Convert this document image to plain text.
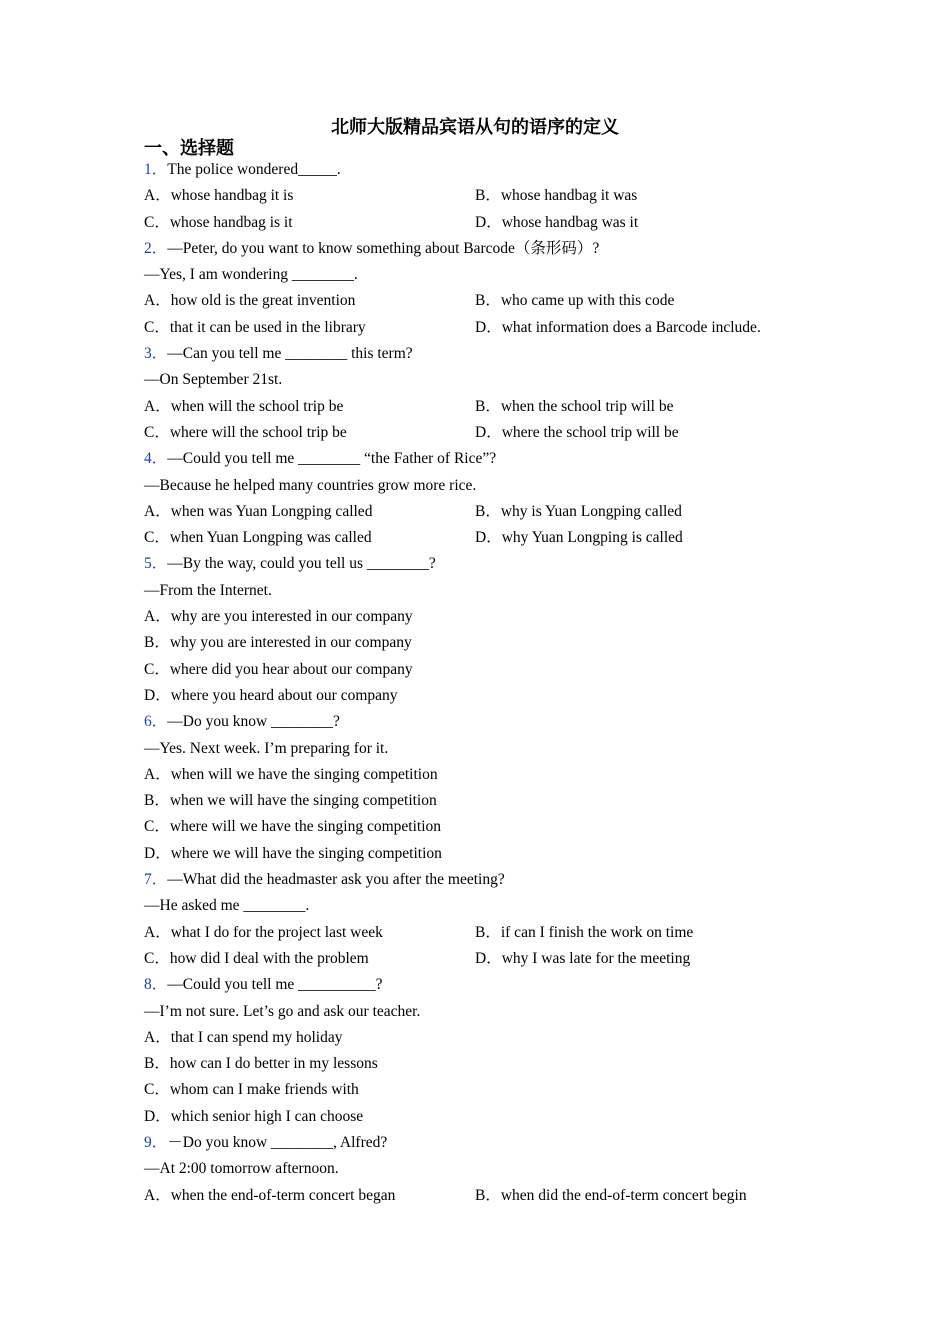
北师大版精品宾语从句的语序的定义
一、选择题
1．The police wondered_____.
A．whose handbag it is	B．whose handbag it was
C．whose handbag is it	D．whose handbag was it
2．—Peter, do you want to know something about Barcode（条形码）?
—Yes, I am wondering ________.
A．how old is the great invention	B．who came up with this code
C．that it can be used in the library	D．what information does a Barcode include.
3．—Can you tell me ________ this term?
—On September 21st.
A．when will the school trip be	B．when the school trip will be
C．where will the school trip be	D．where the school trip will be
4．—Could you tell me ________ “the Father of Rice”?
—Because he helped many countries grow more rice.
A．when was Yuan Longping called	B．why is Yuan Longping called
C．when Yuan Longping was called	D．why Yuan Longping is called
5．—By the way, could you tell us ________?
—From the Internet.
A．why are you interested in our company
B．why you are interested in our company
C．where did you hear about our company
D．where you heard about our company
6．—Do you know ________?
—Yes. Next week. I’m preparing for it.
A．when will we have the singing competition
B．when we will have the singing competition
C．where will we have the singing competition
D．where we will have the singing competition
7．—What did the headmaster ask you after the meeting?
—He asked me ________.
A．what I do for the project last week	B．if can I finish the work on time
C．how did I deal with the problem	D．why I was late for the meeting
8．—Could you tell me __________?
—I’m not sure. Let’s go and ask our teacher.
A．that I can spend my holiday
B．how can I do better in my lessons
C．whom can I make friends with
D．which senior high I can choose
9．－Do you know ________, Alfred?
—At 2:00 tomorrow afternoon.
A．when the end-of-term concert began	B．when did the end-of-term concert begin
